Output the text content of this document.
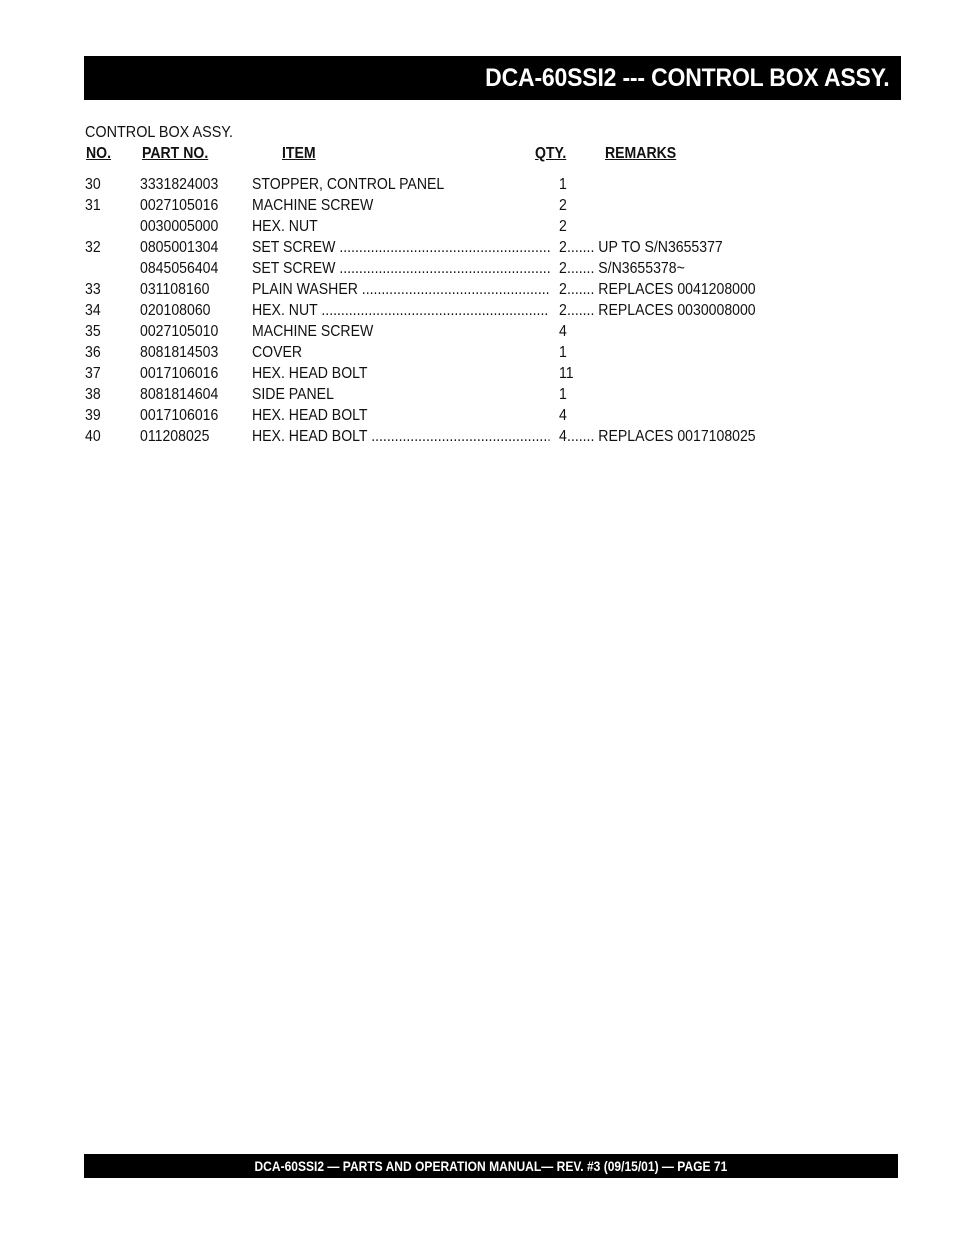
DCA-60SSI2 --- CONTROL BOX ASSY.
CONTROL BOX ASSY.
NO. PART NO.	ITEM	QTY. REMARKS
30 3331824003 STOPPER, CONTROL PANEL	1
31 0027105016 MACHINE SCREW	2
0030005000 HEX. NUT	2
32 0805001304 SET SCREW .....	2 ....... UP TO S/N3655377
0845056404 SET SCREW .....	2 ....... S/N3655378~
33 031108160	PLAIN WASHER .....	2 ....... REPLACES 0041208000
34 020108060	HEX. NUT .....	2 ....... REPLACES 0030008000
35 0027105010 MACHINE SCREW	4
36 8081814503 COVER	1
37 0017106016 HEX. HEAD BOLT	11
38 8081814604 SIDE PANEL	1
39 0017106016 HEX. HEAD BOLT	4
40 011208025	HEX. HEAD BOLT .....	4 ....... REPLACES 0017108025
DCA-60SSI2 — PARTS AND OPERATION MANUAL— REV. #3 (09/15/01) — PAGE 71
